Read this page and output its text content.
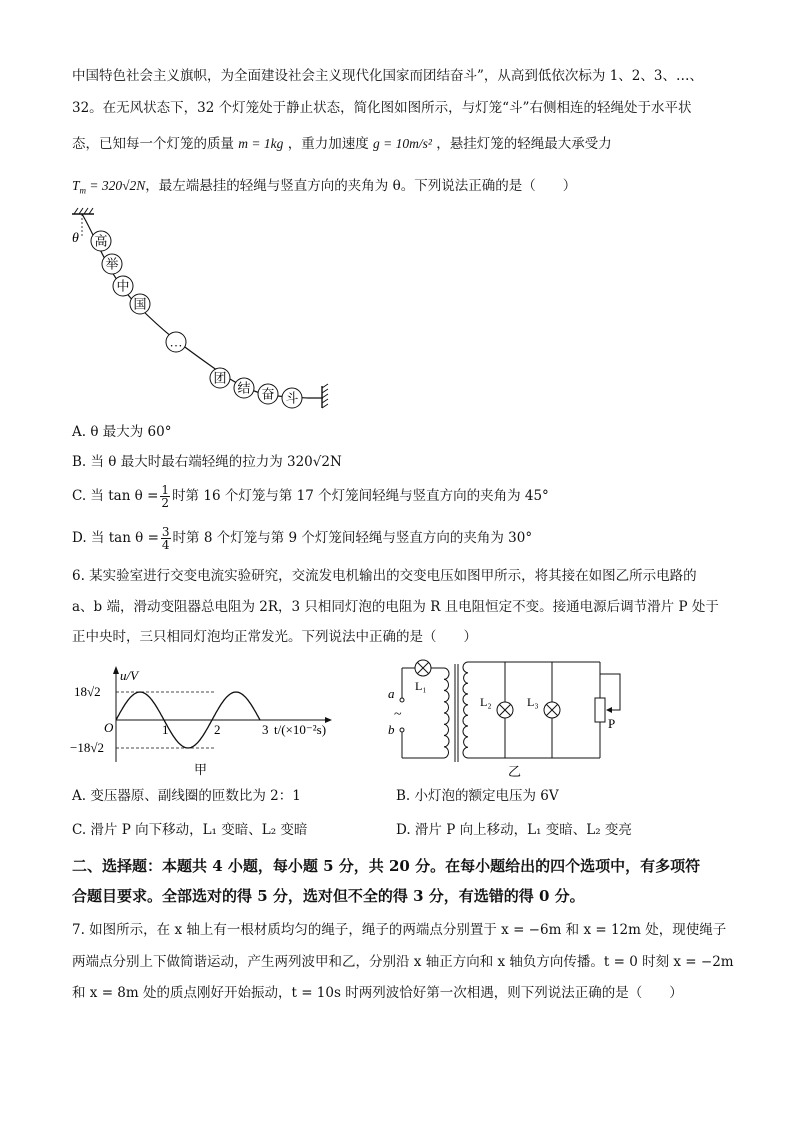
中国特色社会主义旗帜，为全面建设社会主义现代化国家而团结奋斗”，从高到低依次标为 1、2、3、…、
32。在无风状态下，32 个灯笼处于静止状态，简化图如图所示，与灯笼“斗”右侧相连的轻绳处于水平状
态，已知每一个灯笼的质量 m = 1kg ，重力加速度 g = 10m/s² ，悬挂灯笼的轻绳最大承受力
$T_m = 320√2N$，最左端悬挂的轻绳与竖直方向的夹角为 θ。下列说法正确的是（　　）
θ 高
举
中
国
…
团
结 奋 斗
A. θ 最大为 60°
B. 当 θ 最大时最右端轻绳的拉力为 320√2N
C. 当 $\tan \theta = \frac{1}{2}$ 时第 16 个灯笼与第 17 个灯笼间轻绳与竖直方向的夹角为 45°
D. 当 $\tan \theta = \frac{3}{4}$ 时第 8 个灯笼与第 9 个灯笼间轻绳与竖直方向的夹角为 30°
6. 某实验室进行交变电流实验研究，交流发电机输出的交变电压如图甲所示，将其接在如图乙所示电路的
a、b 端，滑动变阻器总电阻为 2R，3 只相同灯泡的电阻为 R 且电阻恒定不变。接通电源后调节滑片 P 处于
正中央时，三只相同灯泡均正常发光。下列说法中正确的是（　　）
u/V
18√2
−18√2
O	1	2	3 t/(×10⁻²s)
甲
a
b
~
L₁
L₂	L₃
P
乙
A. 变压器原、副线圈的匝数比为 2：1	B. 小灯泡的额定电压为 6V
C. 滑片 P 向下移动，L₁ 变暗、L₂ 变暗	D. 滑片 P 向上移动，L₁ 变暗、L₂ 变亮
二、选择题：本题共 4 小题，每小题 5 分，共 20 分。在每小题给出的四个选项中，有多项符
合题目要求。全部选对的得 5 分，选对但不全的得 3 分，有选错的得 0 分。
7. 如图所示，在 x 轴上有一根材质均匀的绳子，绳子的两端点分别置于 x = −6m 和 x = 12m 处，现使绳子
两端点分别上下做简谐运动，产生两列波甲和乙，分别沿 x 轴正方向和 x 轴负方向传播。t = 0 时刻 x = −2m
和 x = 8m 处的质点刚好开始振动，t = 10s 时两列波恰好第一次相遇，则下列说法正确的是（　　）
